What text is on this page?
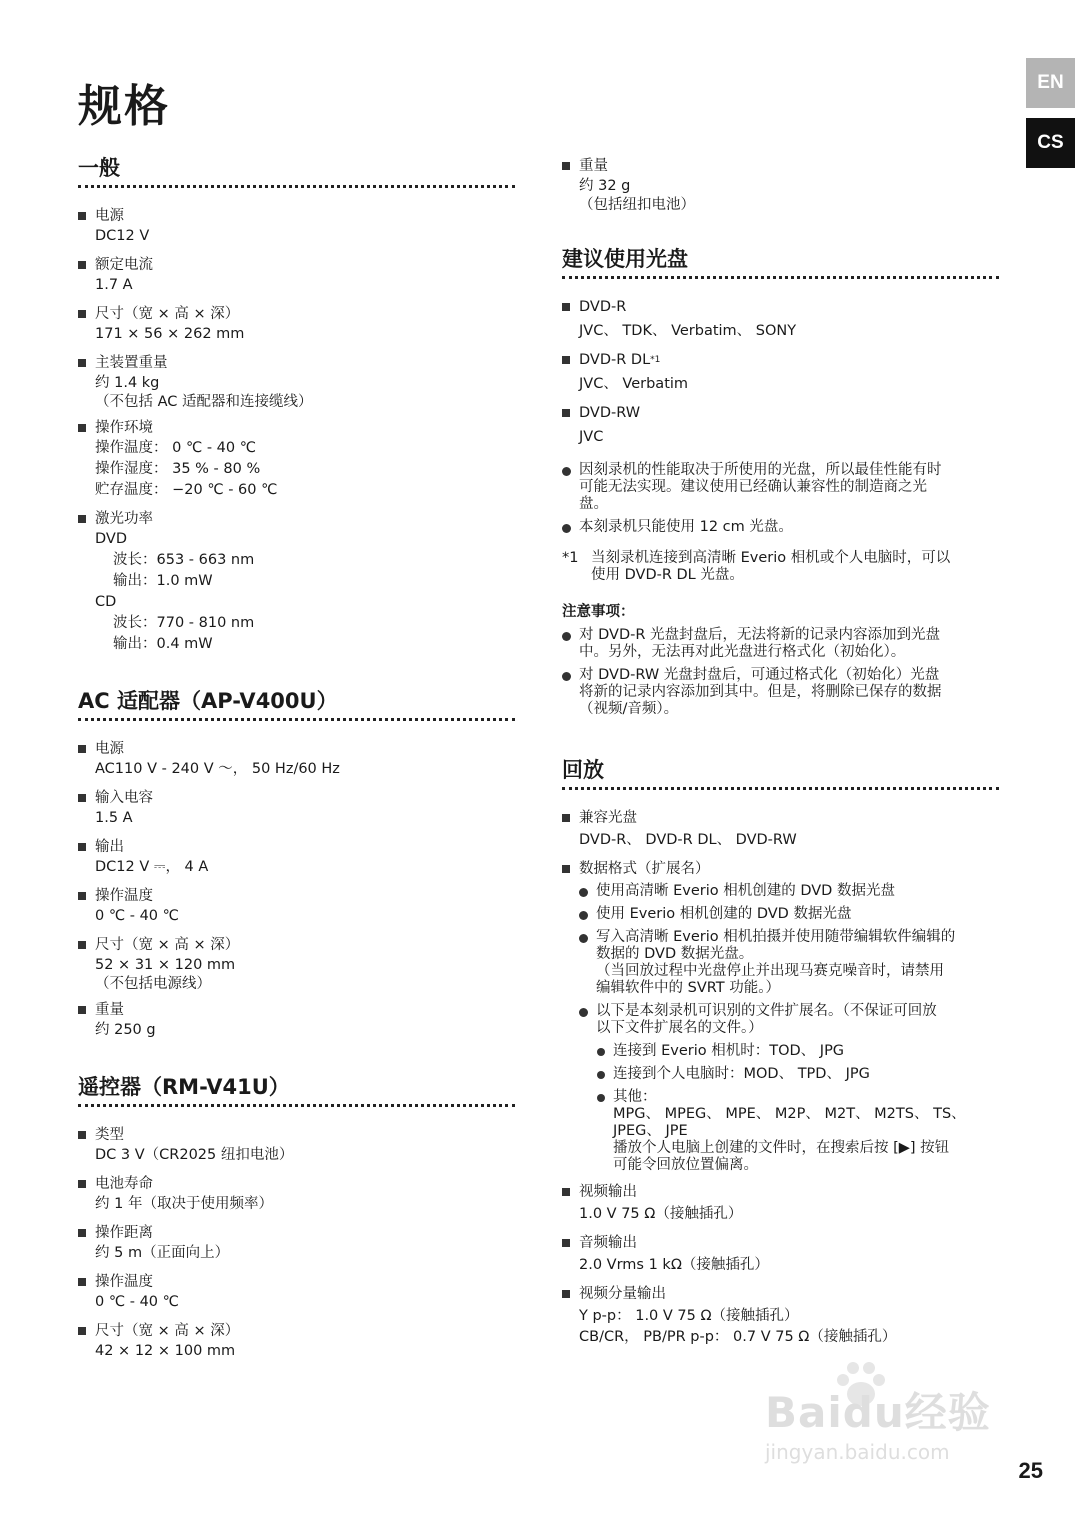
规格	EN
CS
一般
电源
DC12 V
额定电流
1.7 A
尺寸（宽 × 高 × 深）
171 × 56 × 262 mm
主装置重量
约 1.4 kg
（不包括 AC 适配器和连接缆线）
操作环境
操作温度： 0 ℃ - 40 ℃
操作湿度： 35 % - 80 %
贮存温度： −20 ℃ - 60 ℃
激光功率
DVD
波长：653 - 663 nm
输出：1.0 mW
CD
波长：770 - 810 nm
输出：0.4 mW
AC 适配器（AP-V400U）
电源
AC110 V - 240 V ～， 50 Hz/60 Hz
输入电容
1.5 A
输出
DC12 V ⎓， 4 A
操作温度
0 ℃ - 40 ℃
尺寸（宽 × 高 × 深）
52 × 31 × 120 mm
（不包括电源线）
重量
约 250 g
遥控器（RM-V41U）
类型
DC 3 V（CR2025 纽扣电池）
电池寿命
约 1 年（取决于使用频率）
操作距离
约 5 m（正面向上）
操作温度
0 ℃ - 40 ℃
尺寸（宽 × 高 × 深）
42 × 12 × 100 mm
重量
约 32 g
（包括纽扣电池）
建议使用光盘
DVD-R
JVC、 TDK、 Verbatim、 SONY
DVD-R DL *1
JVC、 Verbatim
DVD-RW
JVC
因刻录机的性能取决于所使用的光盘，所以最佳性能有时
可能无法实现。建议使用已经确认兼容性的制造商之光
盘。
本刻录机只能使用 12 cm 光盘。
*1 当刻录机连接到高清晰 Everio 相机或个人电脑时，可以
使用 DVD-R DL 光盘。
注意事项：
对 DVD-R 光盘封盘后，无法将新的记录内容添加到光盘
中。另外，无法再对此光盘进行格式化（初始化）。
对 DVD-RW 光盘封盘后，可通过格式化（初始化）光盘
将新的记录内容添加到其中。但是，将删除已保存的数据
（视频/音频）。
回放
兼容光盘
DVD-R、 DVD-R DL、 DVD-RW
数据格式（扩展名）
使用高清晰 Everio 相机创建的 DVD 数据光盘
使用 Everio 相机创建的 DVD 数据光盘
写入高清晰 Everio 相机拍摄并使用随带编辑软件编辑的
数据的 DVD 数据光盘。
（当回放过程中光盘停止并出现马赛克噪音时，请禁用
编辑软件中的 SVRT 功能。）
以下是本刻录机可识别的文件扩展名。（不保证可回放
以下文件扩展名的文件。）
连接到 Everio 相机时：TOD、 JPG
连接到个人电脑时：MOD、 TPD、 JPG
其他：
MPG、 MPEG、 MPE、 M2P、 M2T、 M2TS、 TS、
JPEG、 JPE
播放个人电脑上创建的文件时，在搜索后按 [▶] 按钮
可能令回放位置偏离。
视频输出
1.0 V 75 Ω（接触插孔）
音频输出
2.0 Vrms 1 kΩ（接触插孔）
视频分量输出
Y p-p： 1.0 V 75 Ω（接触插孔）
CB/CR， PB/PR p-p： 0.7 V 75 Ω（接触插孔）
Baidu经验
jingyan.baidu.com
25
